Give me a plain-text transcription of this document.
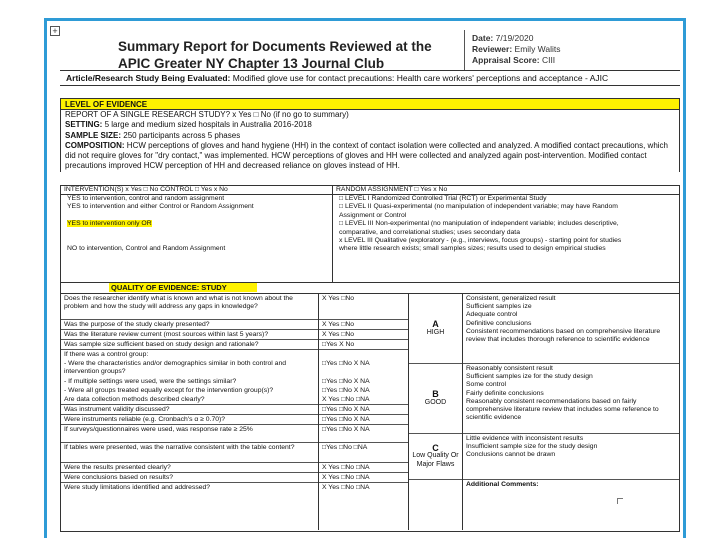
+
Summary Report for Documents Reviewed at the
APIC Greater NY Chapter 13 Journal Club
Date: 7/19/2020
Reviewer: Emily Walits
Appraisal Score: CIII
Article/Research Study Being Evaluated: Modified glove use for contact precautions: Health care workers' perceptions and acceptance - AJIC
LEVEL OF EVIDENCE
REPORT OF A SINGLE RESEARCH STUDY? x Yes □ No (if no go to summary)
SETTING: 5 large and medium sized hospitals in Australia 2016-2018
SAMPLE SIZE: 250 participants across 5 phases
COMPOSITION: HCW perceptions of gloves and hand hygiene (HH) in the context of contact isolation were collected and analyzed. A modified contact precautions, which did not require gloves for "dry contact," was implemented. HCW perceptions of gloves and HH were collected and analyzed again post-intervention. Modified contact precautions improved HCW perception of HH and decreased reliance on gloves instead of HH.
INTERVENTION(S) x Yes □ No CONTROL □ Yes x No
YES to intervention, control and random assignment
YES to intervention and either Control or Random Assignment

YES to intervention only OR

NO to intervention, Control and Random Assignment
RANDOM ASSIGNMENT □ Yes x No
□ LEVEL I Randomized Controlled Trial (RCT) or Experimental Study
□ LEVEL II Quasi-experimental (no manipulation of independent variable; may have Random
Assignment or Control
□ LEVEL III Non-experimental (no manipulation of independent variable; includes descriptive,
comparative, and correlational studies; uses secondary data
x LEVEL III Qualitative (exploratory - (e.g., interviews, focus groups) - starting point for studies
where little research exists; small samples sizes; results used to design empirical studies
QUALITY OF EVIDENCE: STUDY
Does the researcher identify what is known and what is not known about the problem and how the study will address any gaps in knowledge?
Was the purpose of the study clearly presented?
Was the literature review current (most sources within last 5 years)?
Was sample size sufficient based on study design and rationale?
If there was a control group:
- Were the characteristics and/or demographics similar in both control and intervention groups?
- If multiple settings were used, were the settings similar?
- Were all groups treated equally except for the intervention group(s)?
Are data collection methods described clearly?
Were instruments reliable (e.g. Cronbach's α ≥ 0.70)?
Was instrument validity discussed?
If surveys/questionnaires were used, was response rate ≥ 25%
If tables were presented, was the narrative consistent with the table content?
Were the results presented clearly?
Were conclusions based on results?
Were study limitations identified and addressed?
X Yes □No
X Yes □No
X Yes □No
□Yes X No
□Yes □No X NA
□Yes □No X NA
□Yes □No X NA
X Yes □No □NA
□Yes □No X NA
□Yes □No X NA
□Yes □No X NA
□Yes □No □NA
X Yes □No □NA
X Yes □No □NA
X Yes □No □NA
A
HIGH
B
GOOD
C
Low Quality Or Major Flaws
Consistent, generalized result
Sufficient samples ize
Adequate control
Definitive conclusions
Consistent recommendations based on comprehensive literature review that includes thorough reference to scientific evidence
Reasonably consistent result
Sufficient samples ize for the study design
Some control
Fairly definite conclusions
Reasonably consistent recommendations based on fairly comprehensive literature review that includes some reference to scientific evidence
Little evidence with inconsistent results
Insufficient sample size for the study design
Conclusions cannot be drawn
Additional Comments:
